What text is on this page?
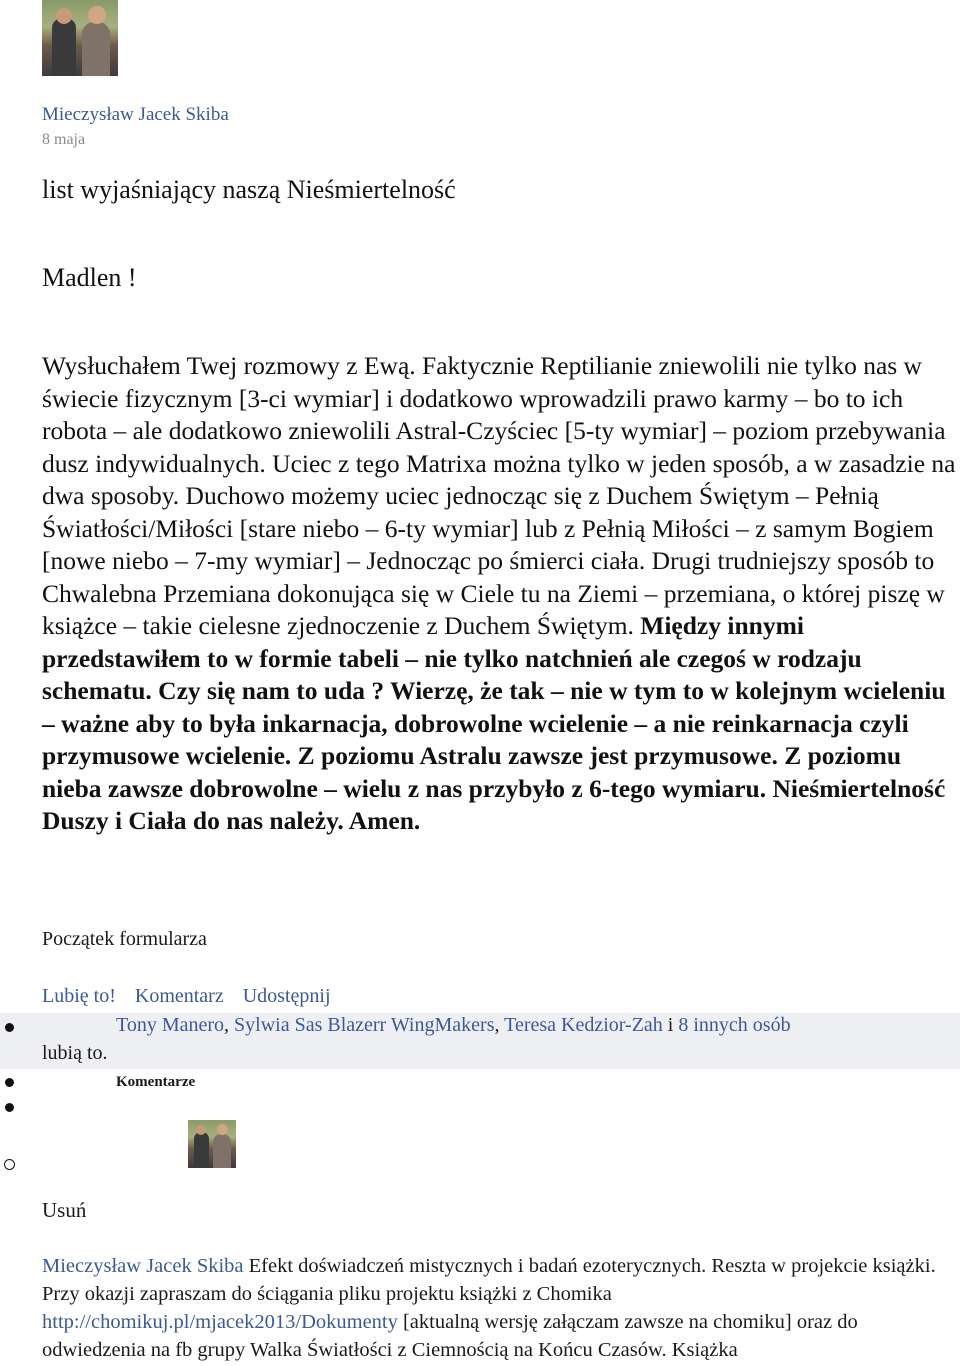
Mieczysław Jacek Skiba
8 maja
list wyjaśniający naszą Nieśmiertelność
Madlen !

Wysłuchałem Twej rozmowy z Ewą. Faktycznie Reptilianie zniewolili nie tylko nas w świecie fizycznym [3-ci wymiar] i dodatkowo wprowadzili prawo karmy – bo to ich robota – ale dodatkowo zniewolili Astral-Czyściec [5-ty wymiar] – poziom przebywania dusz indywidualnych. Uciec z tego Matrixa można tylko w jeden sposób, a w zasadzie na dwa sposoby. Duchowo możemy uciec jednocząc się z Duchem Świętym – Pełnią Światłości/Miłości [stare niebo – 6-ty wymiar] lub z Pełnią Miłości – z samym Bogiem [nowe niebo – 7-my wymiar] – Jednocząc po śmierci ciała. Drugi trudniejszy sposób to Chwalebna Przemiana dokonująca się w Ciele tu na Ziemi – przemiana, o której piszę w książce – takie cielesne zjednoczenie z Duchem Świętym. Między innymi przedstawiłem to w formie tabeli – nie tylko natchnień ale czegoś w rodzaju schematu. Czy się nam to uda ? Wierzę, że tak – nie w tym to w kolejnym wcieleniu – ważne aby to była inkarnacja, dobrowolne wcielenie – a nie reinkarnacja czyli przymusowe wcielenie. Z poziomu Astralu zawsze jest przymusowe. Z poziomu nieba zawsze dobrowolne – wielu z nas przybyło z 6-tego wymiaru. Nieśmiertelność Duszy i Ciała do nas należy. Amen.

Początek formularza
Lubię to! Komentarz Udostępnij
Tony Manero, Sylwia Sas Blazerr WingMakers, Teresa Kedzior-Zah i 8 innych osób
lubią to.
Komentarze
Usuń

Mieczysław Jacek Skiba Efekt doświadczeń mistycznych i badań ezoterycznych. Reszta w projekcie książki. Przy okazji zapraszam do ściągania pliku projektu książki z Chomika http://chomikuj.pl/mjacek2013/Dokumenty [aktualną wersję załączam zawsze na chomiku] oraz do odwiedzenia na fb grupy Walka Światłości z Ciemnością na Końcu Czasów. Książka
